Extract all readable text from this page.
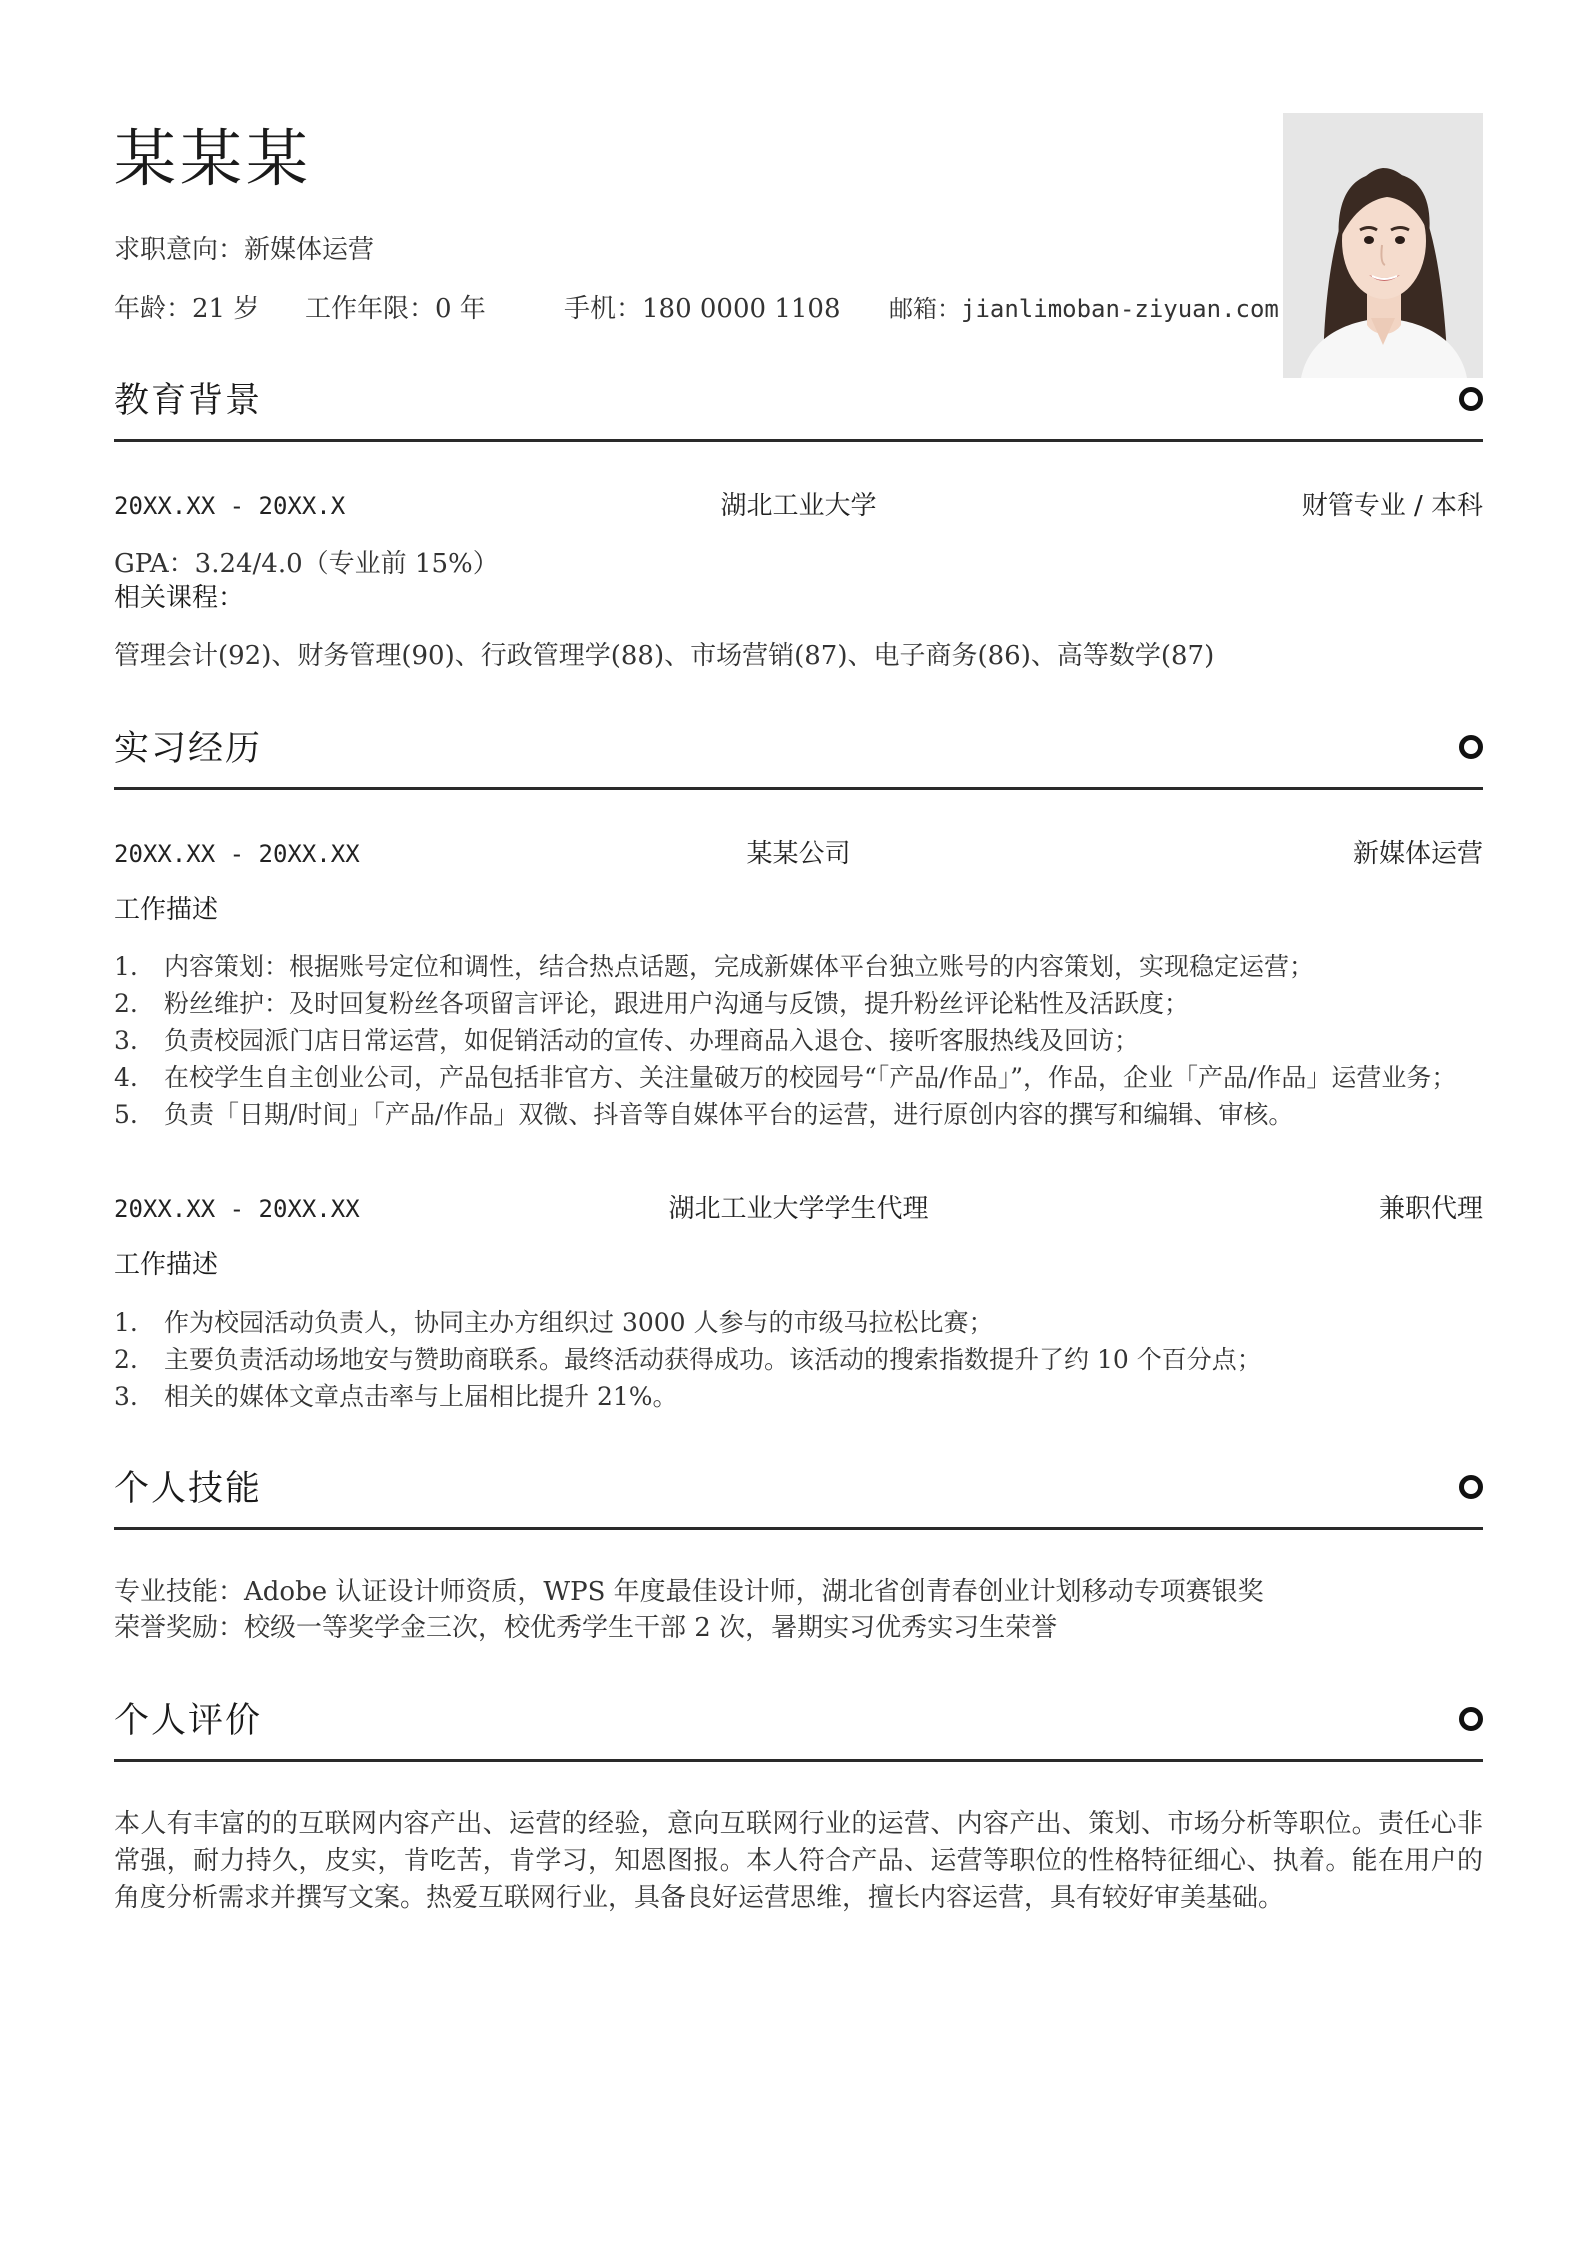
某某某
求职意向：新媒体运营
年龄：21 岁 工作年限：0 年	手机：180 0000 1108 邮箱：jianlimoban-ziyuan.com
教育背景
20XX.XX - 20XX.X	湖北工业大学	财管专业 / 本科
GPA：3.24/4.0（专业前 15%）
相关课程：
管理会计(92)、财务管理(90)、行政管理学(88)、市场营销(87)、电子商务(86)、高等数学(87)
实习经历
20XX.XX - 20XX.XX	某某公司	新媒体运营
工作描述
1. 内容策划：根据账号定位和调性，结合热点话题，完成新媒体平台独立账号的内容策划，实现稳定运营；
2. 粉丝维护：及时回复粉丝各项留言评论，跟进用户沟通与反馈，提升粉丝评论粘性及活跃度；
3. 负责校园派门店日常运营，如促销活动的宣传、办理商品入退仓、接听客服热线及回访；
4. 在校学生自主创业公司，产品包括非官方、关注量破万的校园号“「产品/作品」”，作品，企业「产品/作品」运营业务；
5. 负责「日期/时间」「产品/作品」双微、抖音等自媒体平台的运营，进行原创内容的撰写和编辑、审核。
20XX.XX - 20XX.XX	湖北工业大学学生代理	兼职代理
工作描述
1. 作为校园活动负责人，协同主办方组织过 3000 人参与的市级马拉松比赛；
2. 主要负责活动场地安与赞助商联系。最终活动获得成功。该活动的搜索指数提升了约 10 个百分点；
3. 相关的媒体文章点击率与上届相比提升 21%。
个人技能
专业技能：Adobe 认证设计师资质，WPS 年度最佳设计师，湖北省创青春创业计划移动专项赛银奖
荣誉奖励：校级一等奖学金三次，校优秀学生干部 2 次，暑期实习优秀实习生荣誉
个人评价
本人有丰富的的互联网内容产出、运营的经验，意向互联网行业的运营、内容产出、策划、市场分析等职位。责任心非常强，耐力持久，皮实，肯吃苦，肯学习，知恩图报。本人符合产品、运营等职位的性格特征细心、执着。能在用户的角度分析需求并撰写文案。热爱互联网行业，具备良好运营思维，擅长内容运营，具有较好审美基础。
